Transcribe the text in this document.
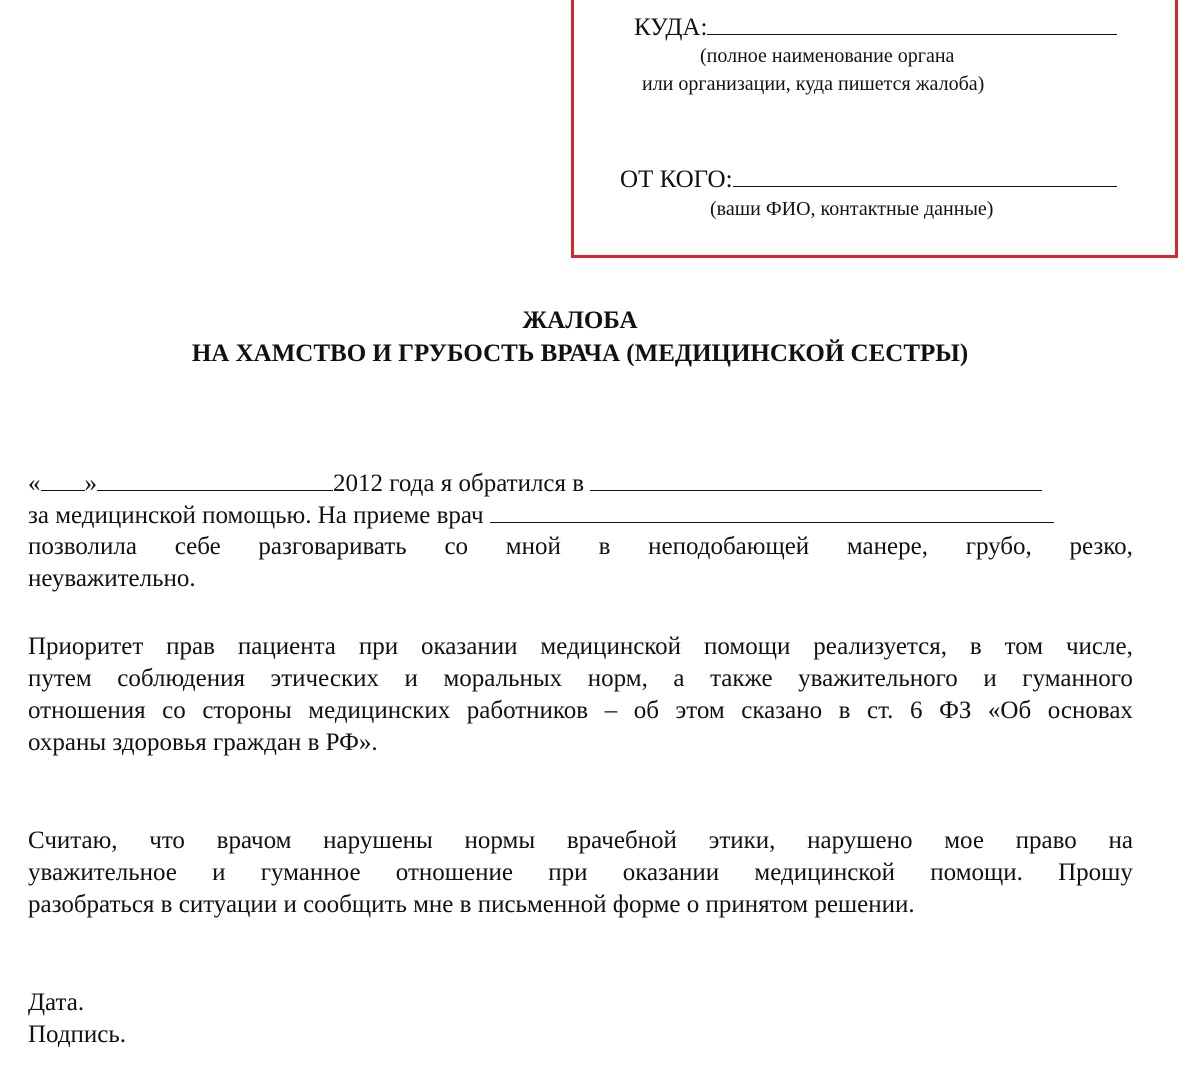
КУДА:
(полное наименование органа
или организации, куда пишется жалоба)
ОТ КОГО:
(ваши ФИО, контактные данные)
ЖАЛОБА
НА ХАМСТВО И ГРУБОСТЬ ВРАЧА (МЕДИЦИНСКОЙ СЕСТРЫ)
« »	2012 года я обратился в
за медицинской помощью. На приеме врач
позволила себе разговаривать со мной в неподобающей манере, грубо, резко,
неуважительно.
Приоритет прав пациента при оказании медицинской помощи реализуется, в том числе,
путем соблюдения этических и моральных норм, а также уважительного и гуманного
отношения со стороны медицинских работников – об этом сказано в ст. 6 ФЗ «Об основах
охраны здоровья граждан в РФ».
Считаю, что врачом нарушены нормы врачебной этики, нарушено мое право на
уважительное и гуманное отношение при оказании медицинской помощи. Прошу
разобраться в ситуации и сообщить мне в письменной форме о принятом решении.
Дата.
Подпись.
